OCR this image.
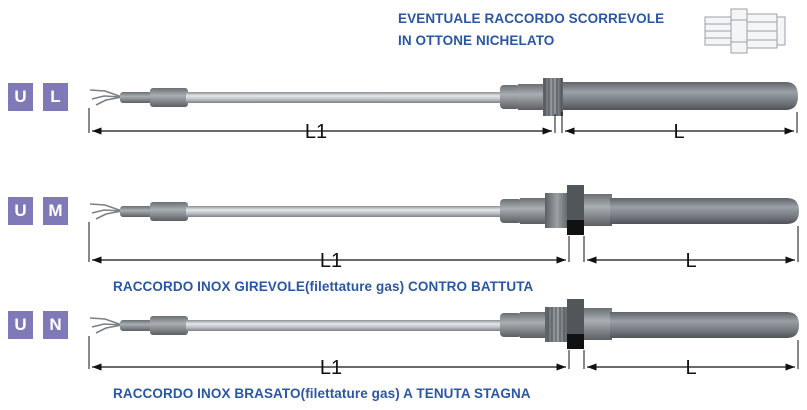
EVENTUALE RACCORDO SCORREVOLE
IN OTTONE NICHELATO
U	L
U	M
U	N
RACCORDO INOX GIREVOLE(filettature gas) CONTRO BATTUTA
RACCORDO INOX BRASATO(filettature gas) A TENUTA STAGNA
L1	L
L1	L
L1	L
